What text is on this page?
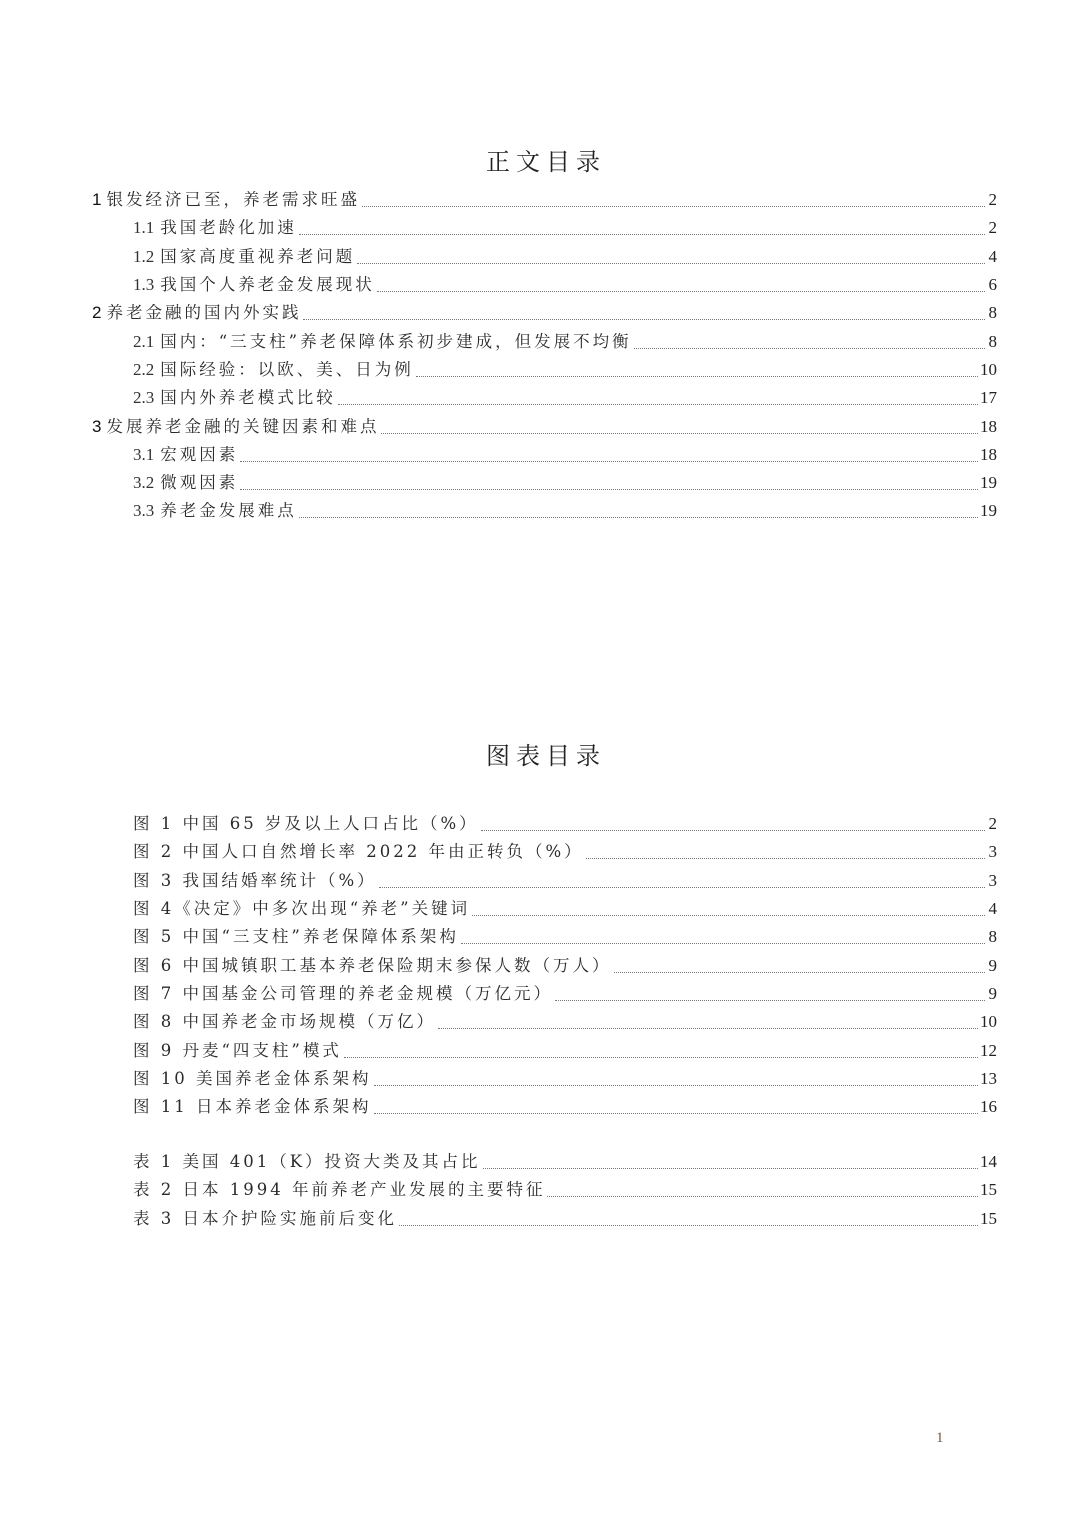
正文目录
1 银发经济已至，养老需求旺盛	2
1.1 我国老龄化加速	2
1.2 国家高度重视养老问题	4
1.3 我国个人养老金发展现状	6
2 养老金融的国内外实践	8
2.1 国内：“三支柱”养老保障体系初步建成，但发展不均衡	8
2.2 国际经验：以欧、美、日为例	10
2.3 国内外养老模式比较	17
3 发展养老金融的关键因素和难点	18
3.1 宏观因素	18
3.2 微观因素	19
3.3 养老金发展难点	19
图表目录
图 1 中国 65 岁及以上人口占比（%）	2
图 2 中国人口自然增长率 2022 年由正转负（%）	3
图 3 我国结婚率统计（%）	3
图 4《决定》中多次出现“养老”关键词	4
图 5 中国“三支柱”养老保障体系架构	8
图 6 中国城镇职工基本养老保险期末参保人数（万人）	9
图 7 中国基金公司管理的养老金规模（万亿元）	9
图 8 中国养老金市场规模（万亿）	10
图 9 丹麦“四支柱”模式	12
图 10 美国养老金体系架构	13
图 11 日本养老金体系架构	16
表 1 美国 401（K）投资大类及其占比	14
表 2 日本 1994 年前养老产业发展的主要特征	15
表 3 日本介护险实施前后变化	15
1
